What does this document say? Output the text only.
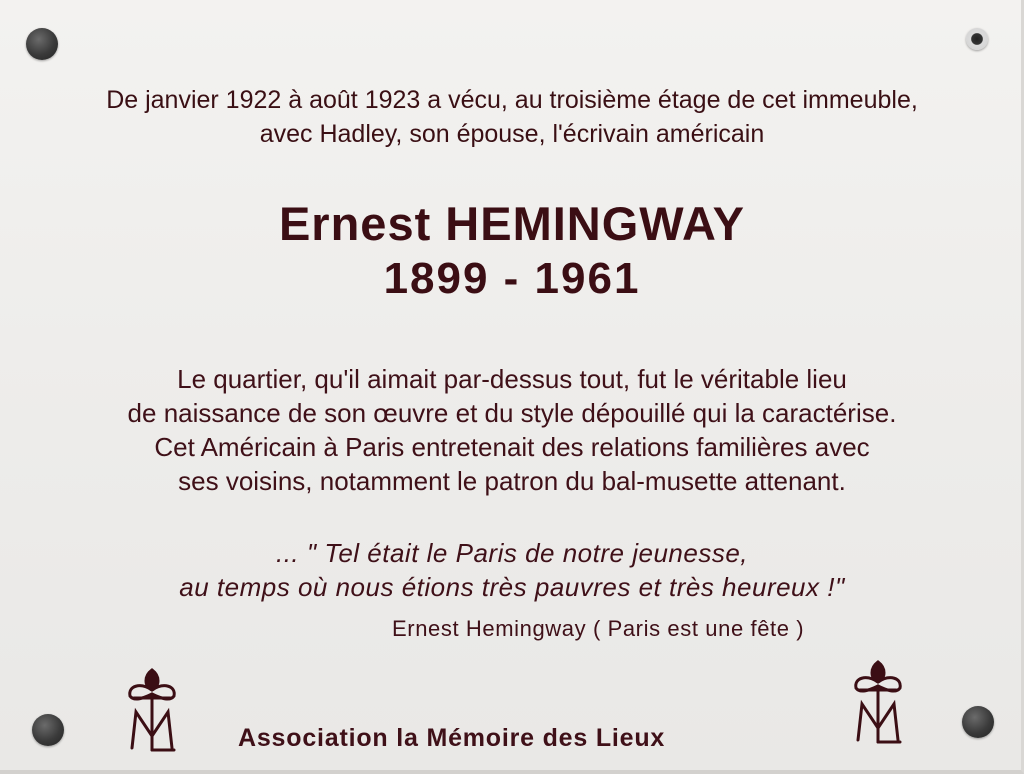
De janvier 1922 à août 1923 a vécu, au troisième étage de cet immeuble,
avec Hadley, son épouse, l'écrivain américain
Ernest HEMINGWAY
1899 - 1961
Le quartier, qu'il aimait par-dessus tout, fut le véritable lieu
de naissance de son œuvre et du style dépouillé qui la caractérise.
Cet Américain à Paris entretenait des relations familières avec
ses voisins, notamment le patron du bal-musette attenant.
... " Tel était le Paris de notre jeunesse,
au temps où nous étions très pauvres et très heureux !"
Ernest Hemingway ( Paris est une fête )
Association la Mémoire des Lieux
